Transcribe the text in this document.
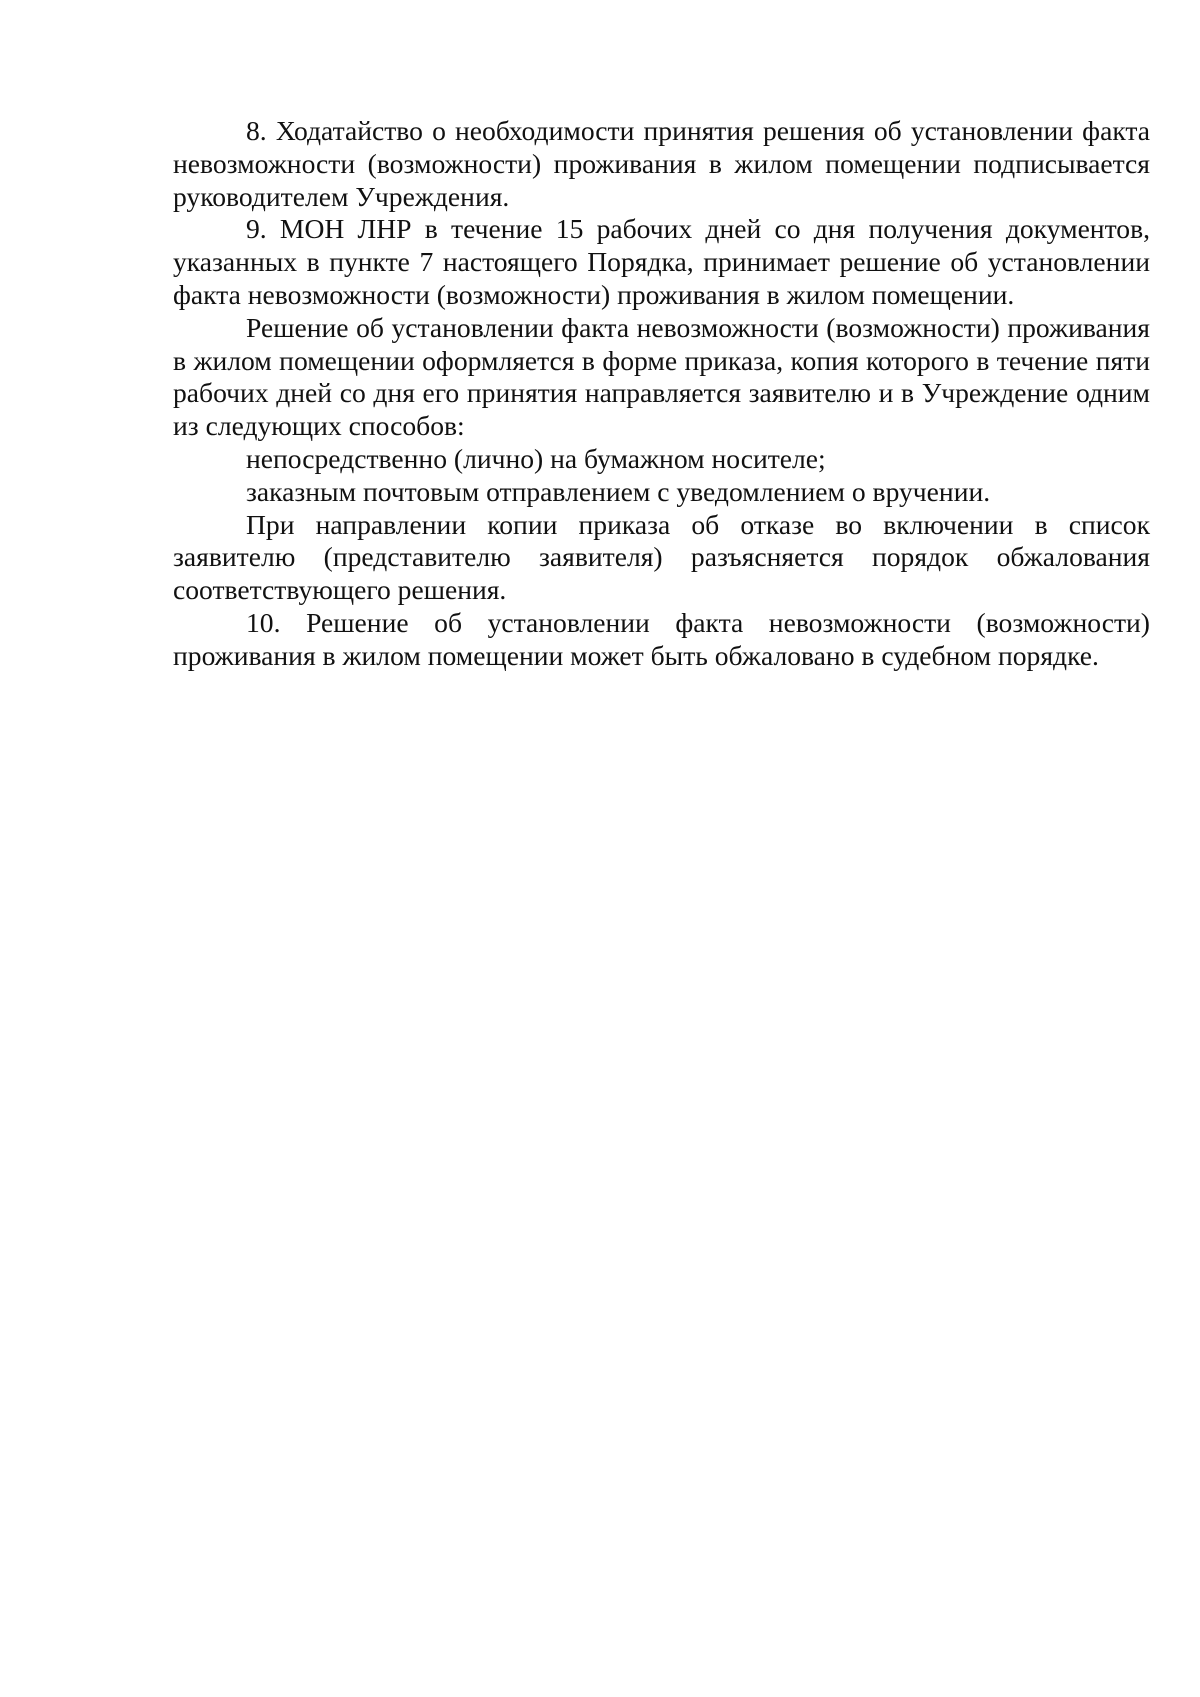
8. Ходатайство о необходимости принятия решения об установлении факта невозможности (возможности) проживания в жилом помещении подписывается руководителем Учреждения.

9. МОН ЛНР в течение 15 рабочих дней со дня получения документов, указанных в пункте 7 настоящего Порядка, принимает решение об установлении факта невозможности (возможности) проживания в жилом помещении.

Решение об установлении факта невозможности (возможности) проживания в жилом помещении оформляется в форме приказа, копия которого в течение пяти рабочих дней со дня его принятия направляется заявителю и в Учреждение одним из следующих способов:

непосредственно (лично) на бумажном носителе;

заказным почтовым отправлением с уведомлением о вручении.

При направлении копии приказа об отказе во включении в список заявителю (представителю заявителя) разъясняется порядок обжалования соответствующего решения.

10. Решение об установлении факта невозможности (возможности) проживания в жилом помещении может быть обжаловано в судебном порядке.
